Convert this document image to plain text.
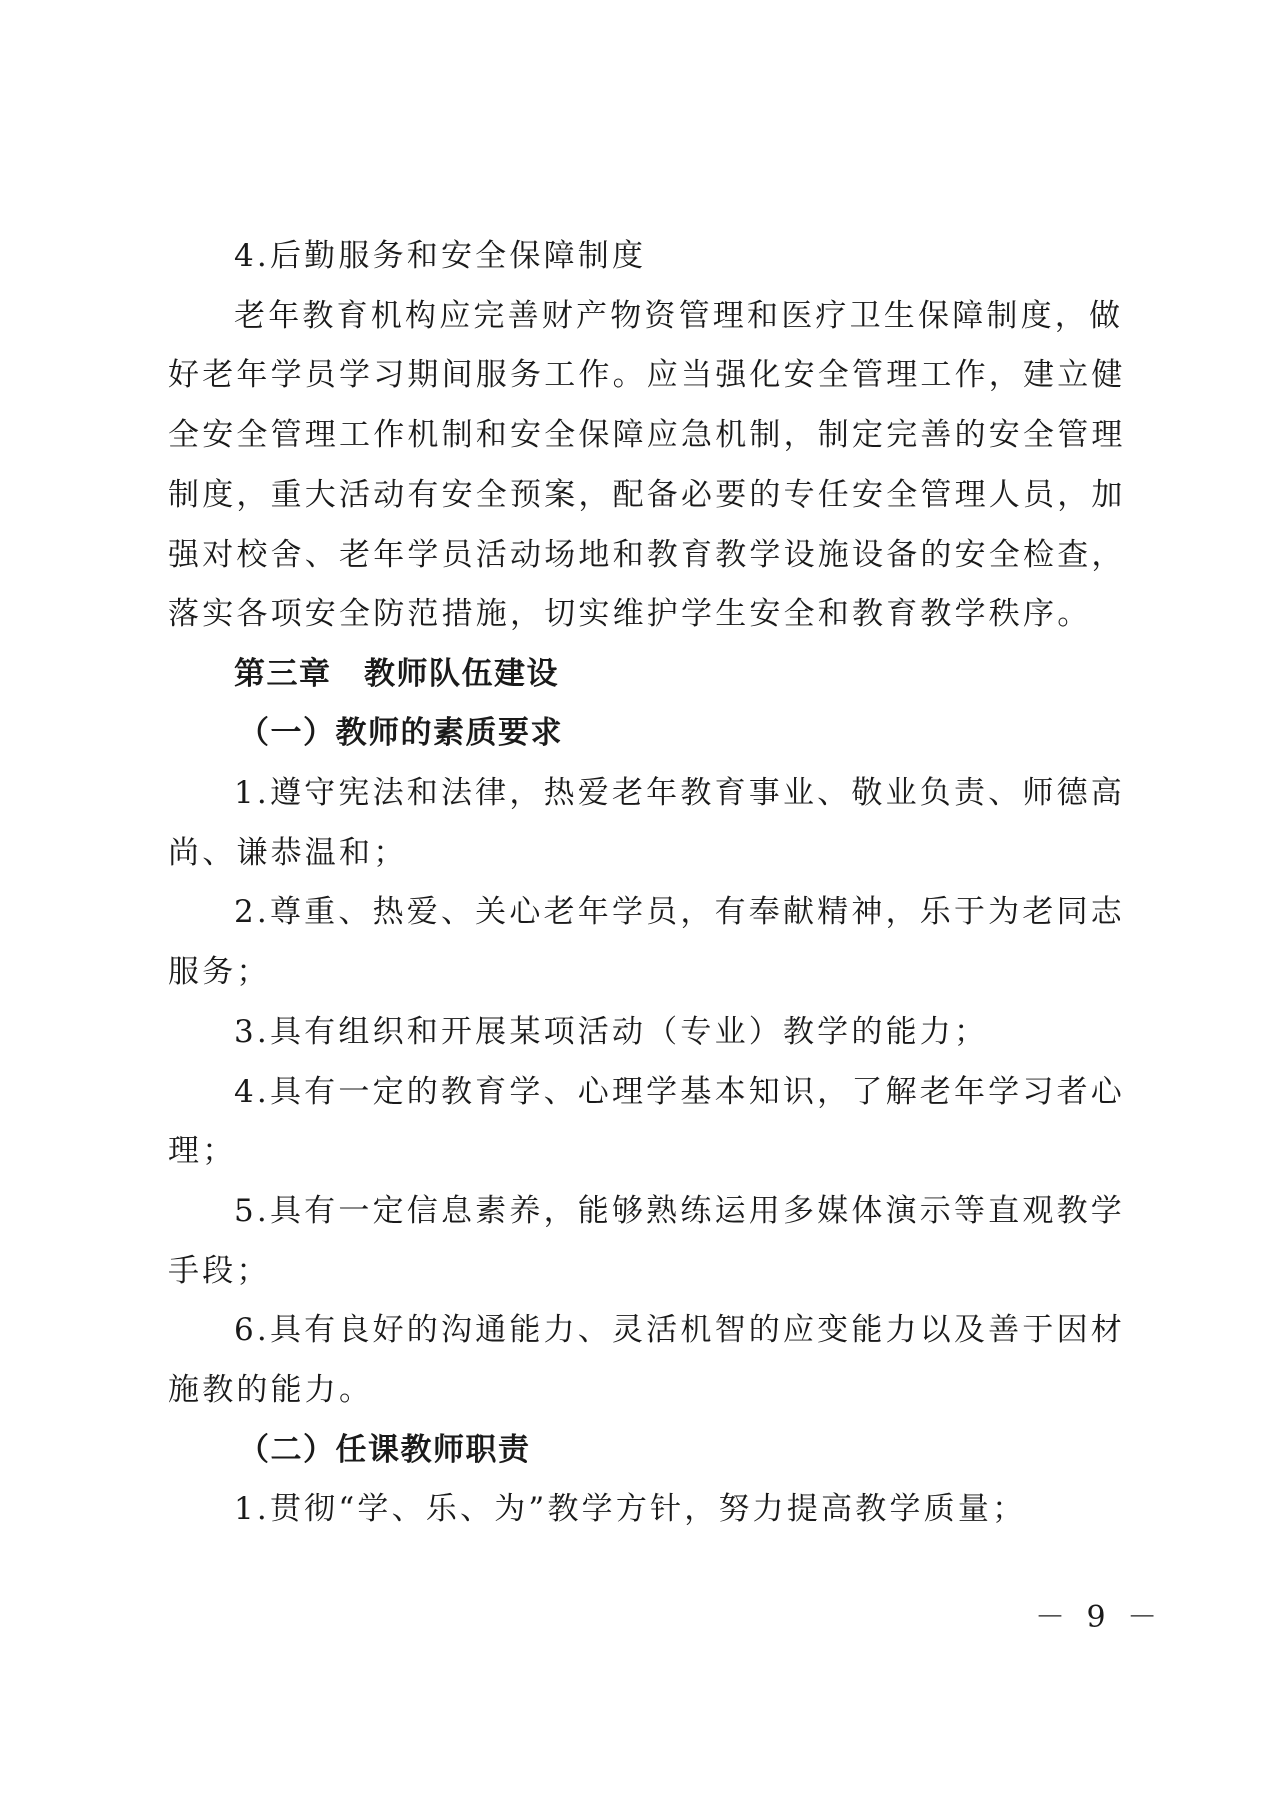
4.后勤服务和安全保障制度
老年教育机构应完善财产物资管理和医疗卫生保障制度，做
好老年学员学习期间服务工作。应当强化安全管理工作，建立健
全安全管理工作机制和安全保障应急机制，制定完善的安全管理
制度，重大活动有安全预案，配备必要的专任安全管理人员，加
强对校舍、老年学员活动场地和教育教学设施设备的安全检查，
落实各项安全防范措施，切实维护学生安全和教育教学秩序。
第三章　教师队伍建设
（一）教师的素质要求
1.遵守宪法和法律，热爱老年教育事业、敬业负责、师德高
尚、谦恭温和；
2.尊重、热爱、关心老年学员，有奉献精神，乐于为老同志
服务；
3.具有组织和开展某项活动（专业）教学的能力；
4.具有一定的教育学、心理学基本知识，了解老年学习者心
理；
5.具有一定信息素养，能够熟练运用多媒体演示等直观教学
手段；
6.具有良好的沟通能力、灵活机智的应变能力以及善于因材
施教的能力。
（二）任课教师职责
1.贯彻“学、乐、为”教学方针，努力提高教学质量；
－ 9 －
